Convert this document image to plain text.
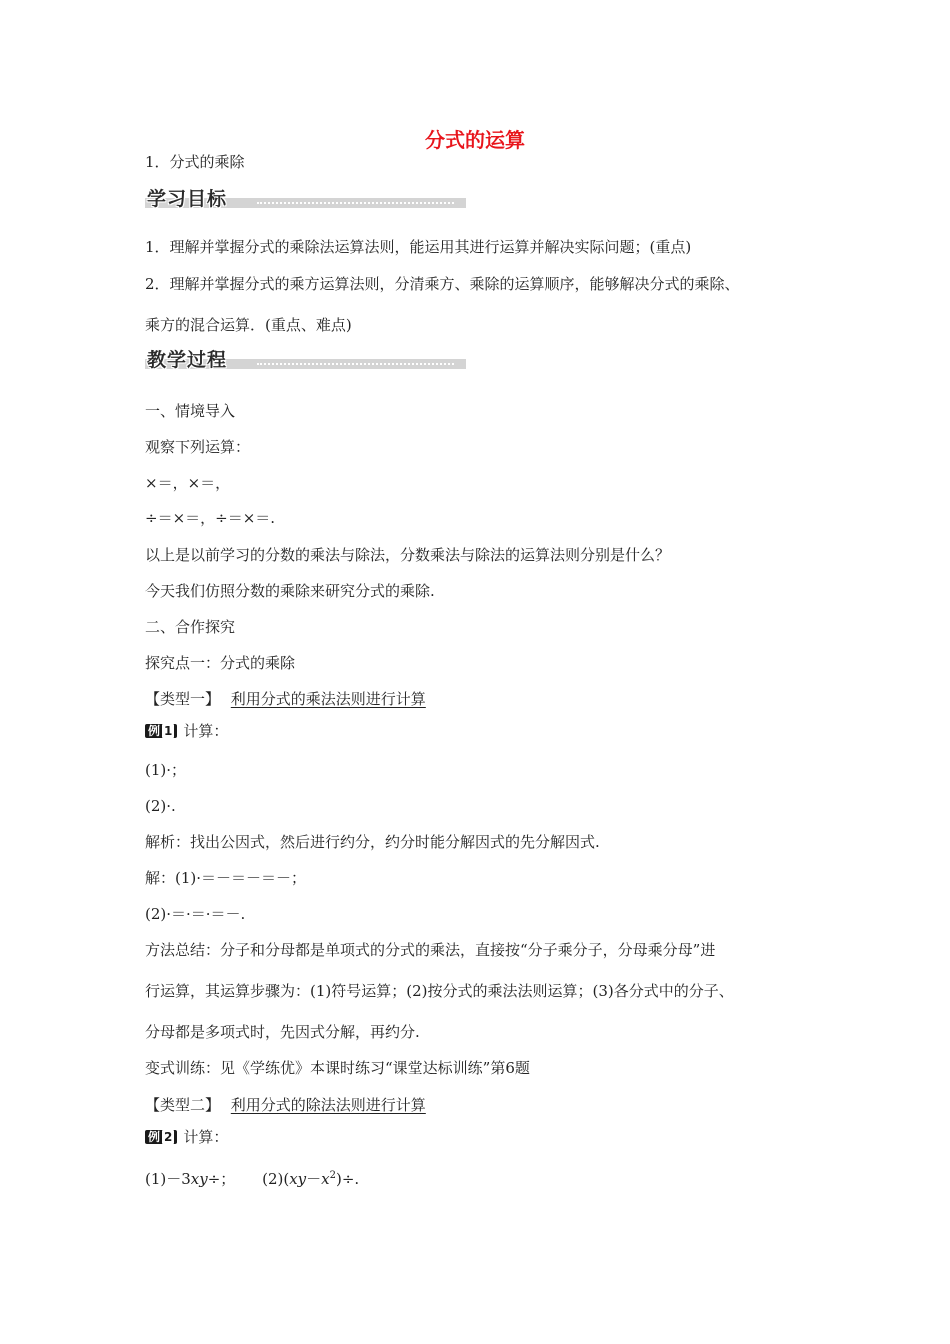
分式的运算
1．分式的乘除
学习目标
1．理解并掌握分式的乘除法运算法则，能运用其进行运算并解决实际问题；(重点)
2．理解并掌握分式的乘方运算法则，分清乘方、乘除的运算顺序，能够解决分式的乘除、
乘方的混合运算．(重点、难点)
教学过程
一、情境导入
观察下列运算：
×＝，×＝，
÷＝×＝，÷＝×＝.
以上是以前学习的分数的乘法与除法，分数乘法与除法的运算法则分别是什么？
今天我们仿照分数的乘除来研究分式的乘除.
二、合作探究
探究点一：分式的乘除
【类型一】 利用分式的乘法法则进行计算
例 1 计算：
(1)·；
(2)·.
解析：找出公因式，然后进行约分，约分时能分解因式的先分解因式.
解：(1)·＝－＝－＝－；
(2)·＝·＝·＝－.
方法总结：分子和分母都是单项式的分式的乘法，直接按“分子乘分子，分母乘分母”进
行运算，其运算步骤为：(1)符号运算；(2)按分式的乘法法则运算；(3)各分式中的分子、
分母都是多项式时，先因式分解，再约分.
变式训练：见《学练优》本课时练习“课堂达标训练”第6题
【类型二】 利用分式的除法法则进行计算
例 2 计算：
(1)－3xy÷； $(2)(xy-x^2)\div$.
